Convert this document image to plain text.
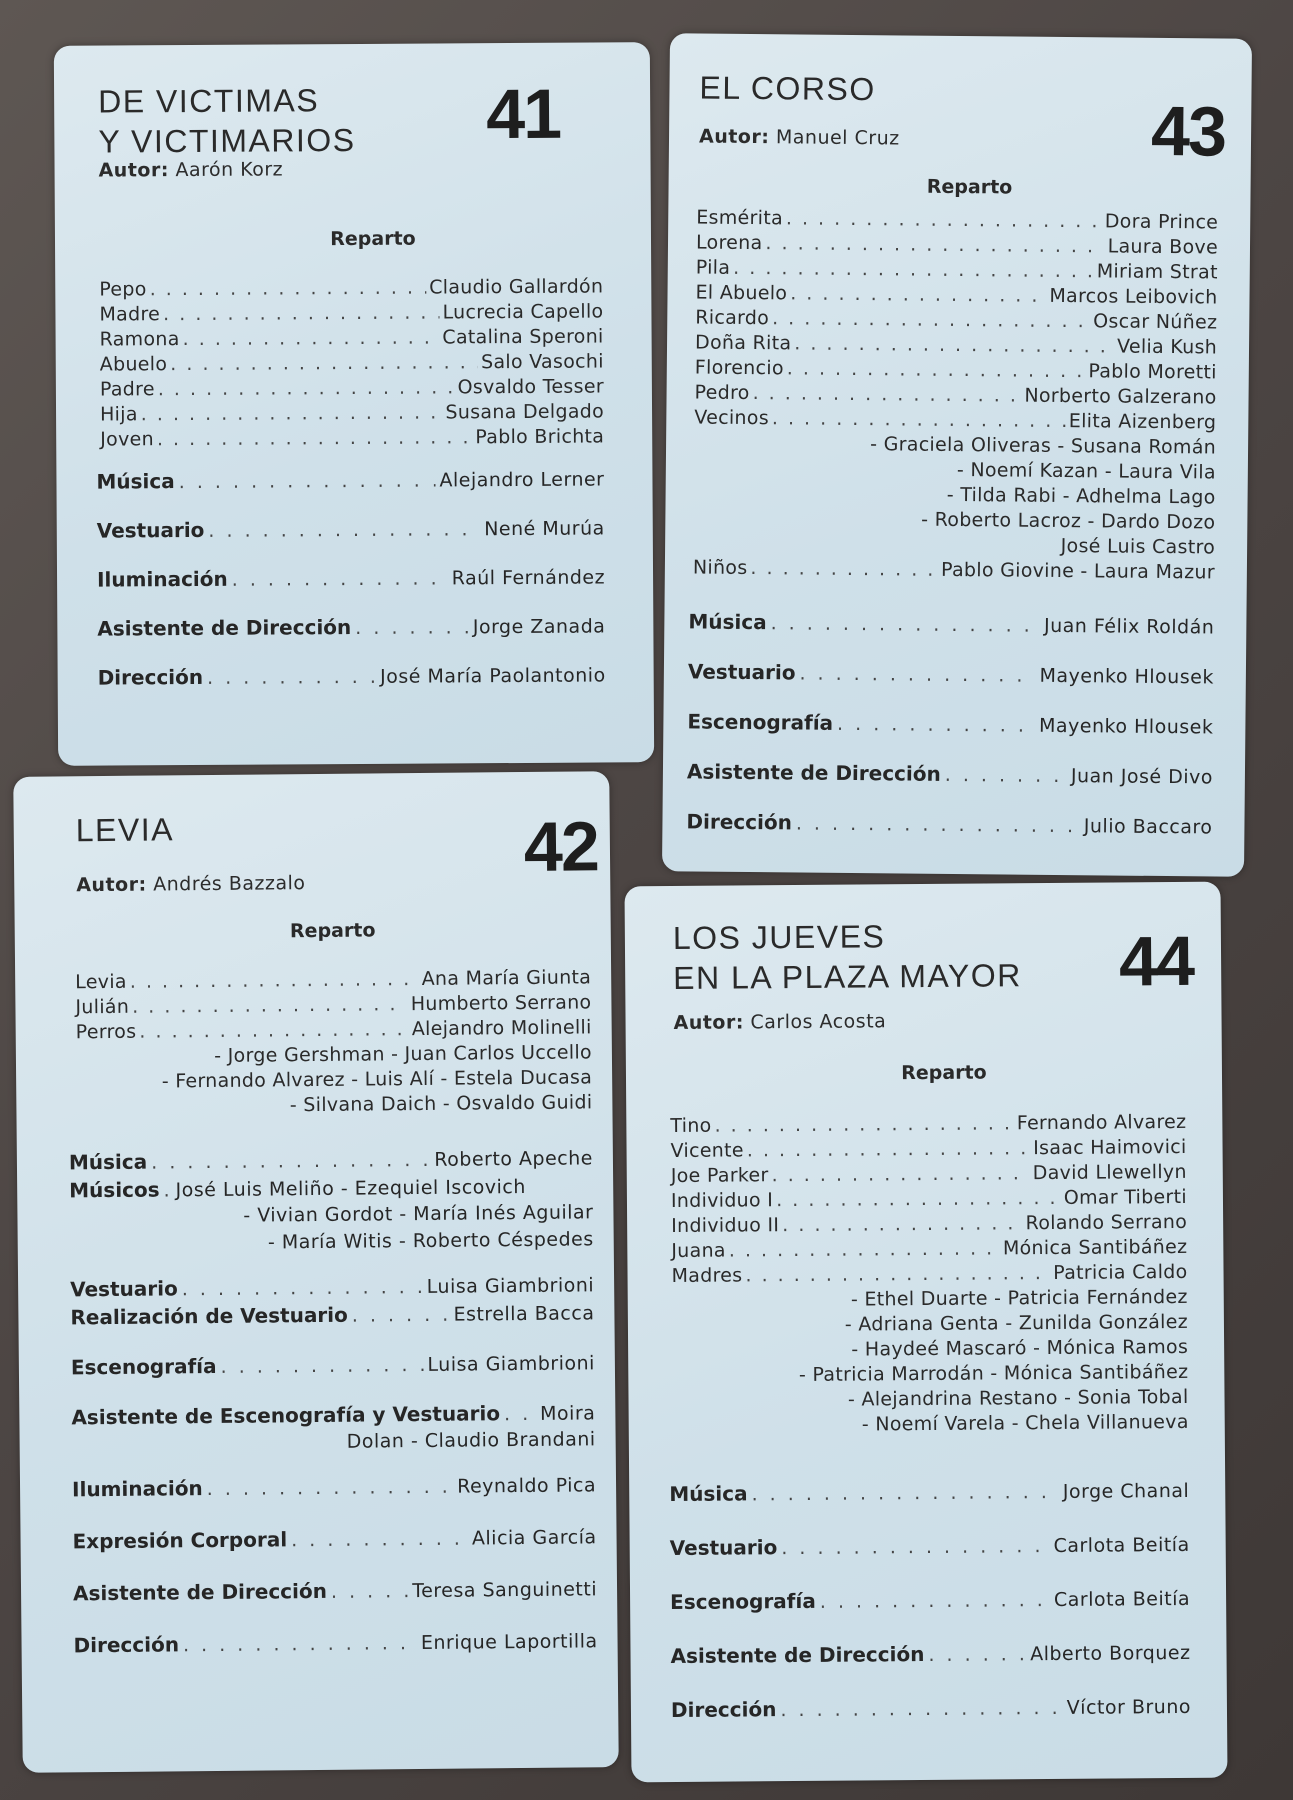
DE VICTIMAS
Y VICTIMARIOS 41
Autor: Aarón Korz
Reparto
Pepo . . .	Claudio Gallardón
Madre . . .	Lucrecia Capello
Ramona . . .	Catalina Speroni
Abuelo . . .	Salo Vasochi
Padre . . .	Osvaldo Tesser
Hija . . .	Susana Delgado
Joven . . .	Pablo Brichta
Música . . .	Alejandro Lerner
Vestuario . . .	Nené Murúa
Iluminación . . .	Raúl Fernández
Asistente de Dirección . . .	Jorge Zanada
Dirección . . .	José María Paolantonio
LEVIA	42
Autor: Andrés Bazzalo
Reparto
Levia . . .	Ana María Giunta
Julián . . .	Humberto Serrano
Perros . . .	Alejandro Molinelli
- Jorge Gershman - Juan Carlos Uccello
- Fernando Alvarez - Luis Alí - Estela Ducasa
- Silvana Daich - Osvaldo Guidi
Música . . .	Roberto Apeche
Músicos . . . José Luis Meliño - Ezequiel Iscovich
- Vivian Gordot - María Inés Aguilar
- María Witis - Roberto Céspedes
Vestuario . . .	Luisa Giambrioni
Realización de Vestuario . . .	Estrella Bacca
Escenografía . . .	Luisa Giambrioni
Asistente de Escenografía y Vestuario . . . Moira
Dolan - Claudio Brandani
Iluminación . . .	Reynaldo Pica
Expresión Corporal . . .	Alicia García
Asistente de Dirección . . .	Teresa Sanguinetti
Dirección . . .	Enrique Laportilla
EL CORSO
43
Autor: Manuel Cruz
Reparto
Esmérita . . .	Dora Prince
Lorena . . .	Laura Bove
Pila . . .	Miriam Strat
El Abuelo . . .	Marcos Leibovich
Ricardo . . .	Oscar Núñez
Doña Rita . . .	Velia Kush
Florencio . . .	Pablo Moretti
Pedro . . .	Norberto Galzerano
Vecinos . . .	Elita Aizenberg
- Graciela Oliveras - Susana Román
- Noemí Kazan - Laura Vila
- Tilda Rabi - Adhelma Lago
- Roberto Lacroz - Dardo Dozo
José Luis Castro
Niños . . .	Pablo Giovine - Laura Mazur
Música . . .	Juan Félix Roldán
Vestuario . . .	Mayenko Hlousek
Escenografía . . .	Mayenko Hlousek
Asistente de Dirección . . .	Juan José Divo
Dirección . . .	Julio Baccaro
LOS JUEVES
EN LA PLAZA MAYOR 44
Autor: Carlos Acosta
Reparto
Tino . . .	Fernando Alvarez
Vicente . . .	Isaac Haimovici
Joe Parker . . .	David Llewellyn
Individuo I . . .	Omar Tiberti
Individuo II . . .	Rolando Serrano
Juana . . .	Mónica Santibáñez
Madres . . .	Patricia Caldo
- Ethel Duarte - Patricia Fernández
- Adriana Genta - Zunilda González
- Haydeé Mascaró - Mónica Ramos
- Patricia Marrodán - Mónica Santibáñez
- Alejandrina Restano - Sonia Tobal
- Noemí Varela - Chela Villanueva
Música . . .	Jorge Chanal
Vestuario . . .	Carlota Beitía
Escenografía . . .	Carlota Beitía
Asistente de Dirección . . .	Alberto Borquez
Dirección . . .	Víctor Bruno
